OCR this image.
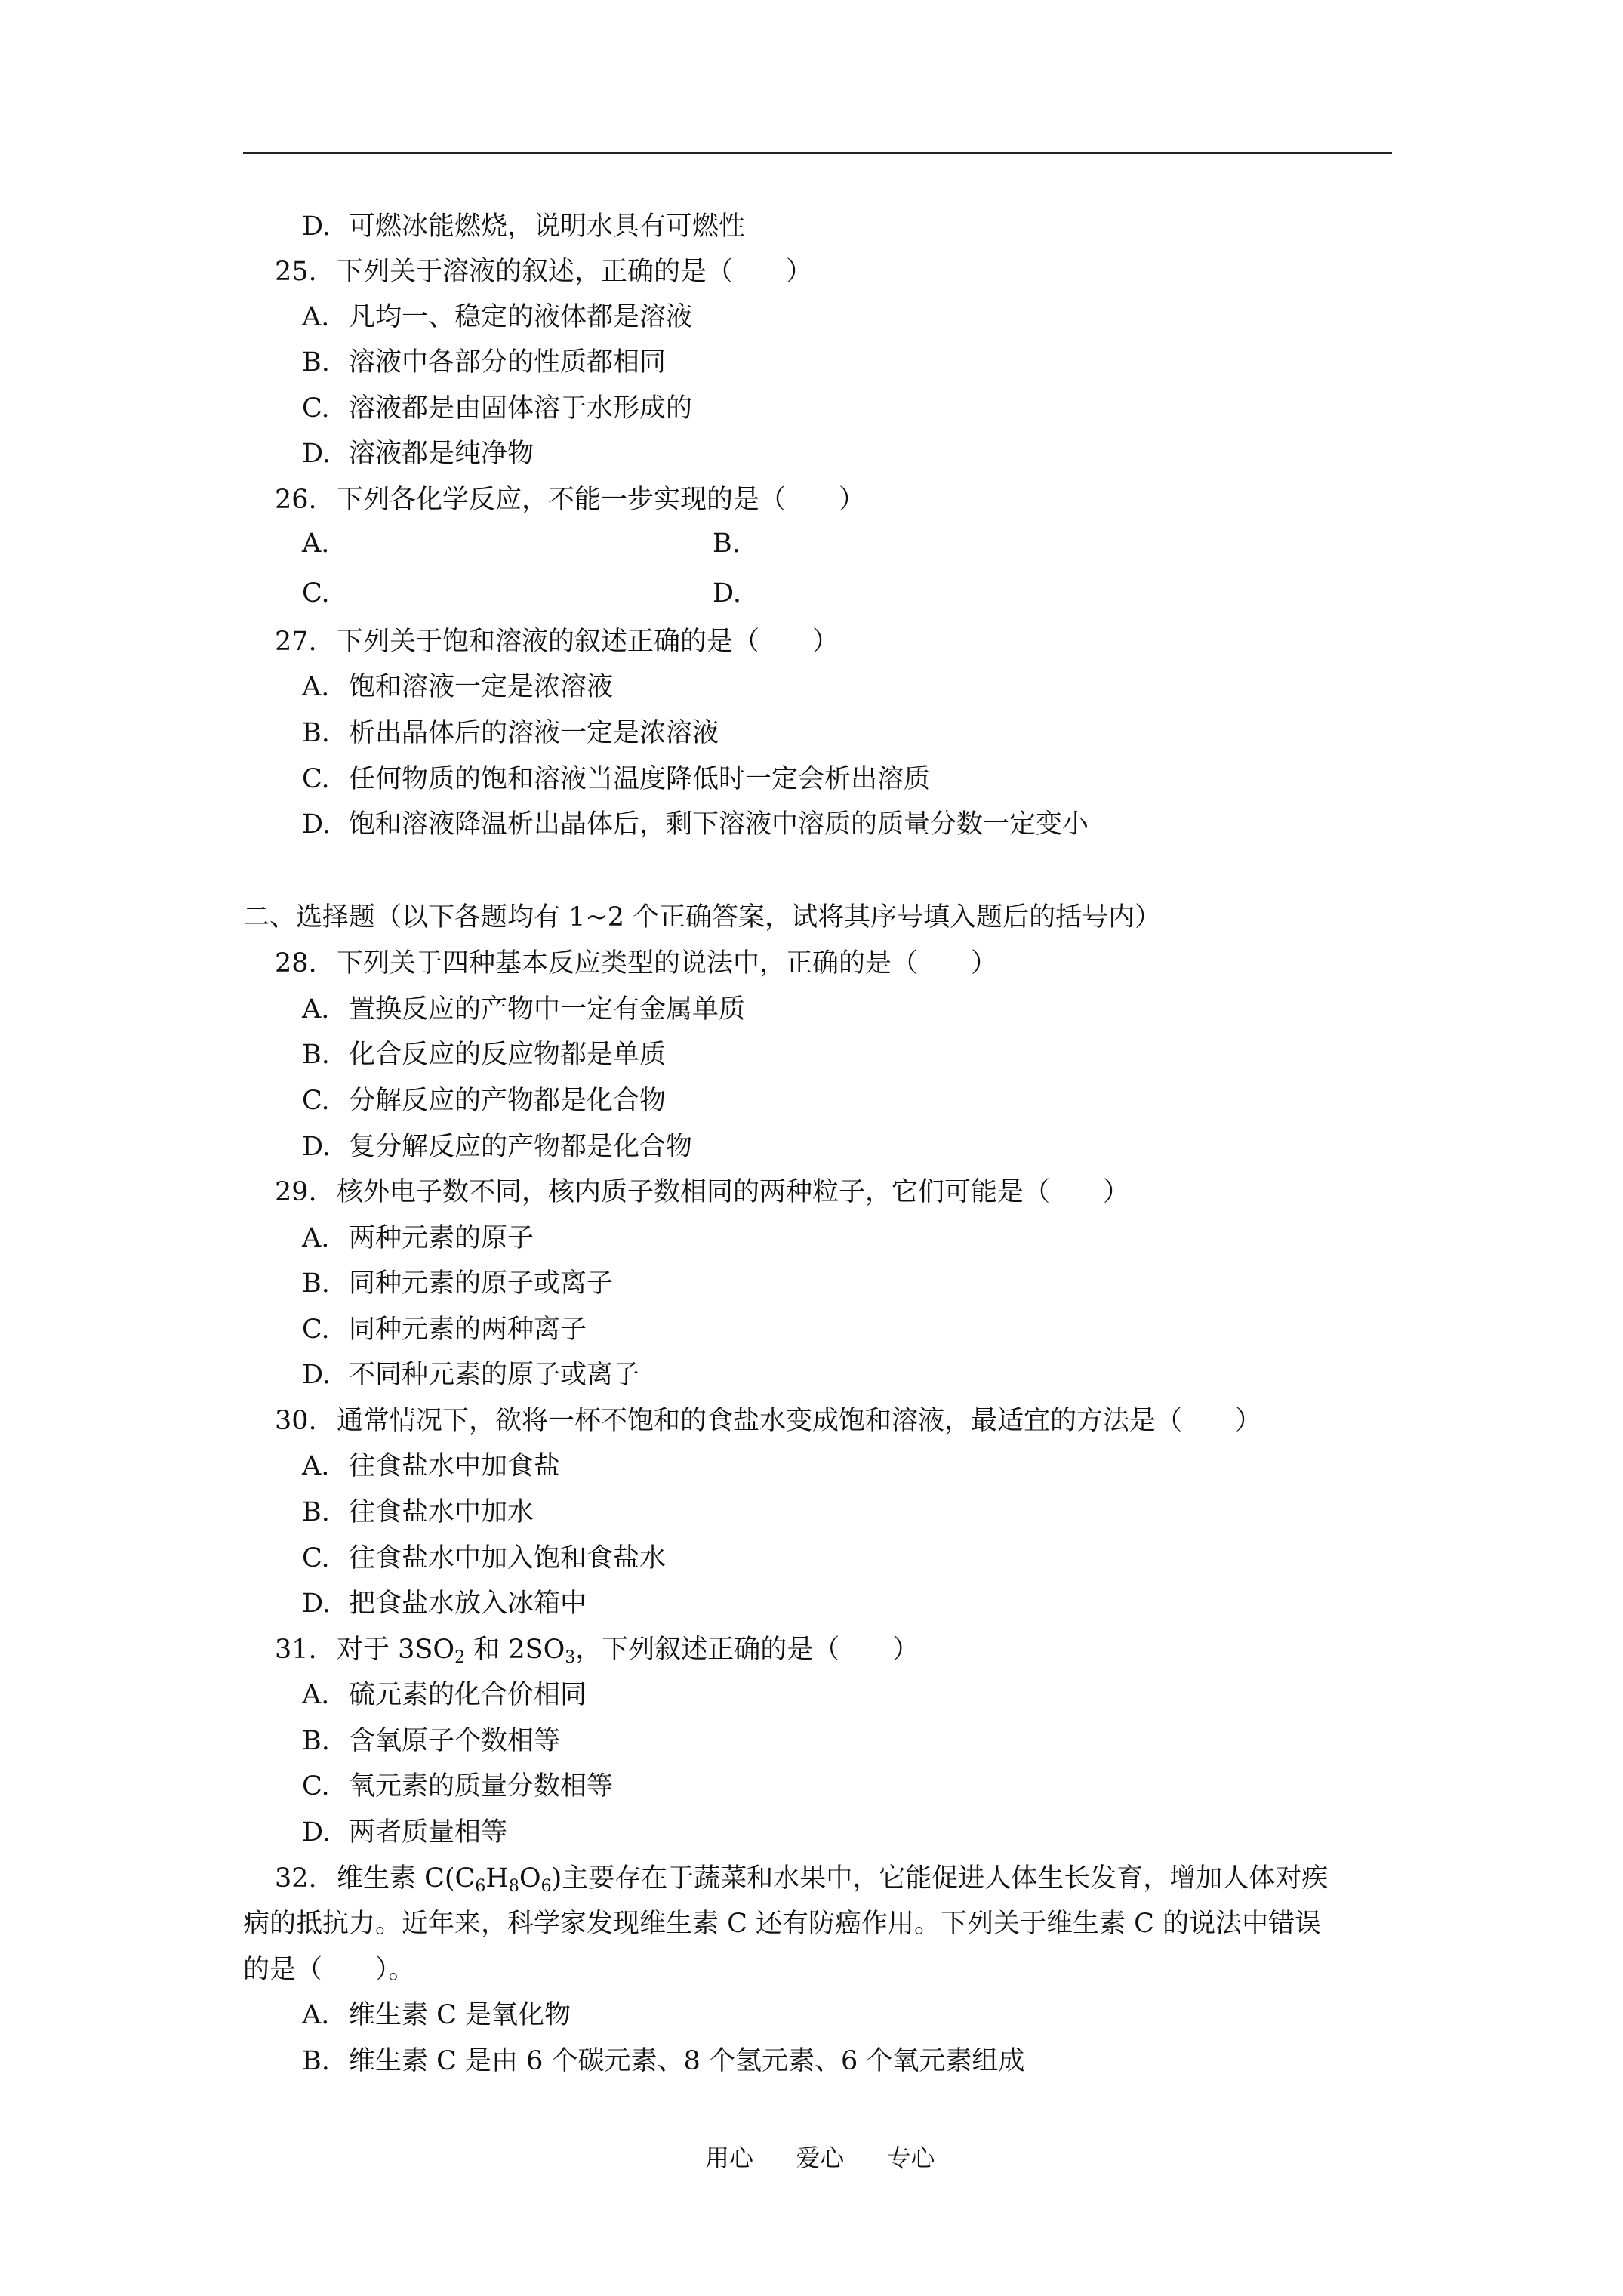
D. 可燃冰能燃烧，说明水具有可燃性
25. 下列关于溶液的叙述，正确的是（　　）
A. 凡均一、稳定的液体都是溶液
B. 溶液中各部分的性质都相同
C. 溶液都是由固体溶于水形成的
D. 溶液都是纯净物
26. 下列各化学反应，不能一步实现的是（　　）
A.	B.
C.	D.
27. 下列关于饱和溶液的叙述正确的是（　　）
A. 饱和溶液一定是浓溶液
B. 析出晶体后的溶液一定是浓溶液
C. 任何物质的饱和溶液当温度降低时一定会析出溶质
D. 饱和溶液降温析出晶体后，剩下溶液中溶质的质量分数一定变小
二、选择题（以下各题均有 1~2 个正确答案，试将其序号填入题后的括号内）
28. 下列关于四种基本反应类型的说法中，正确的是（　　）
A. 置换反应的产物中一定有金属单质
B. 化合反应的反应物都是单质
C. 分解反应的产物都是化合物
D. 复分解反应的产物都是化合物
29. 核外电子数不同，核内质子数相同的两种粒子，它们可能是（　　）
A. 两种元素的原子
B. 同种元素的原子或离子
C. 同种元素的两种离子
D. 不同种元素的原子或离子
30. 通常情况下，欲将一杯不饱和的食盐水变成饱和溶液，最适宜的方法是（　　）
A. 往食盐水中加食盐
B. 往食盐水中加水
C. 往食盐水中加入饱和食盐水
D. 把食盐水放入冰箱中
31. 对于 $3SO_2$ 和 $2SO_3$，下列叙述正确的是（　　）
A. 硫元素的化合价相同
B. 含氧原子个数相等
C. 氧元素的质量分数相等
D. 两者质量相等
32. 维生素 $C(C_6H_8O_6)$主要存在于蔬菜和水果中，它能促进人体生长发育，增加人体对疾
病的抵抗力。近年来，科学家发现维生素 C 还有防癌作用。下列关于维生素 C 的说法中错误
的是（　　）。
A. 维生素 C 是氧化物
B. 维生素 C 是由 6 个碳元素、8 个氢元素、6 个氧元素组成
用心 爱心 专心
